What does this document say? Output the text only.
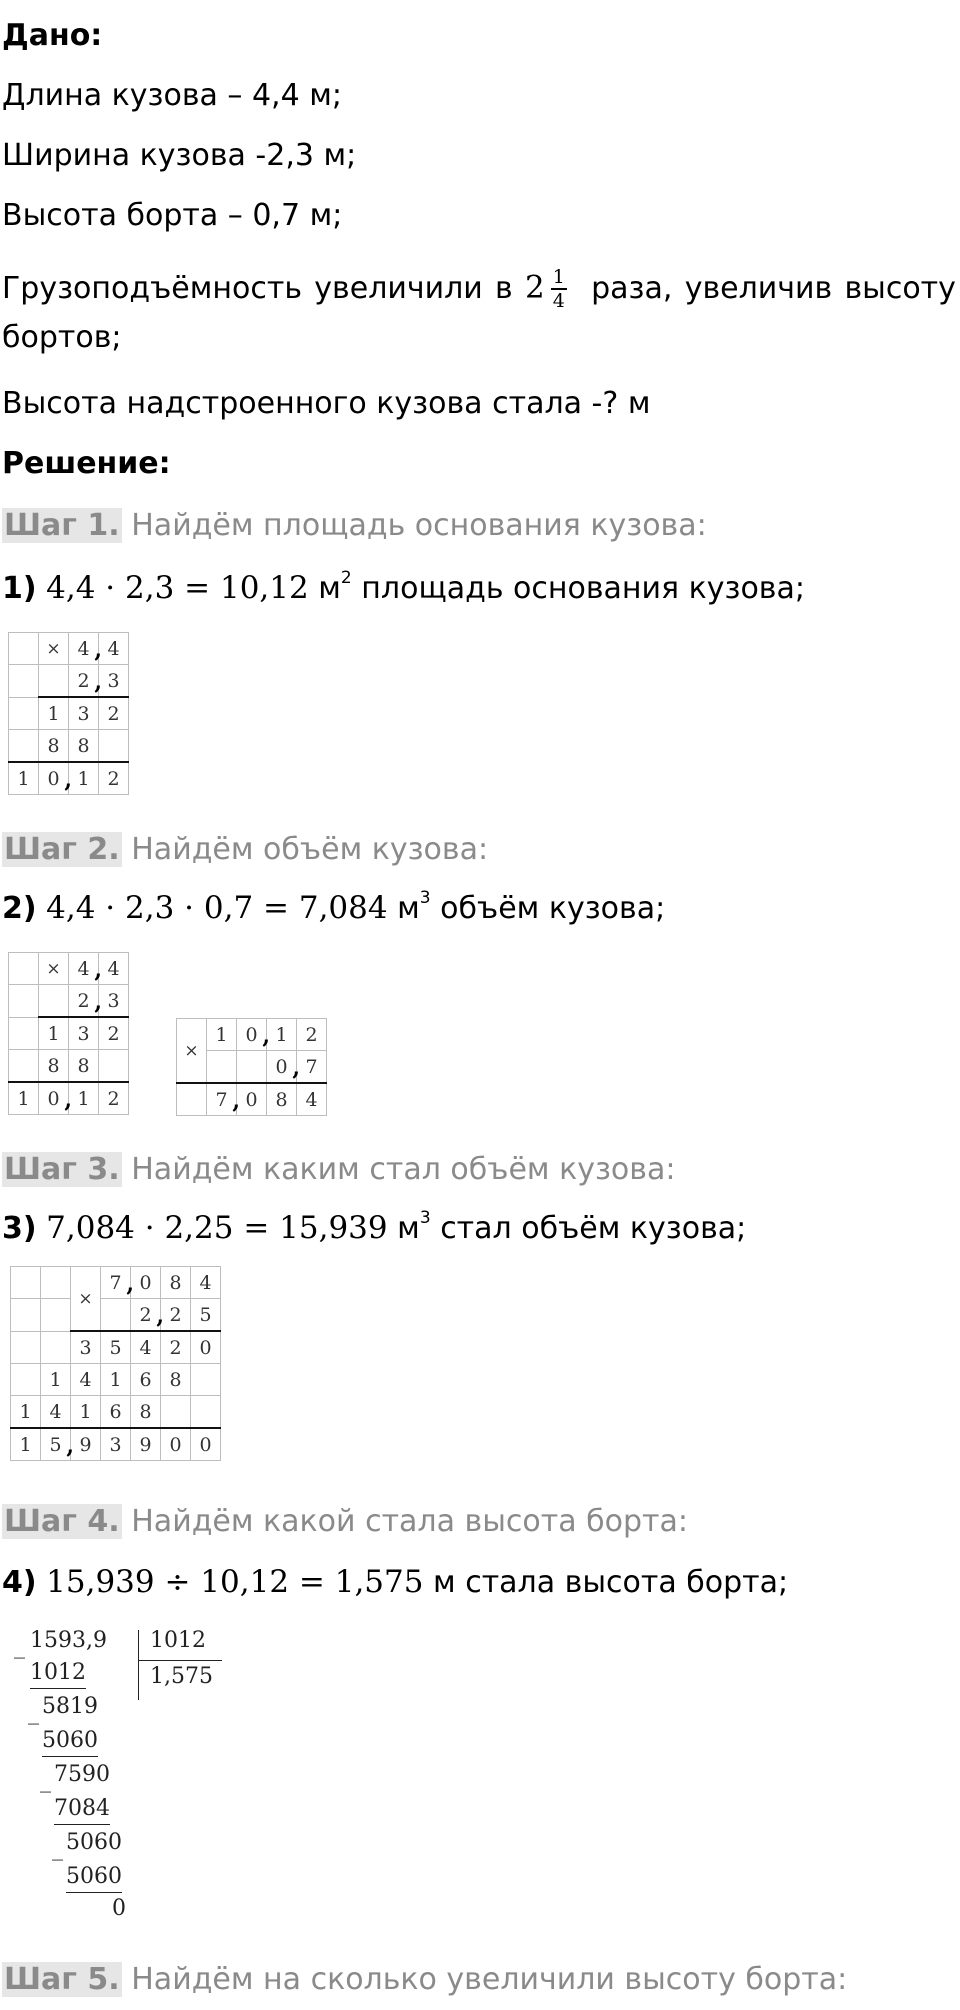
Дано:
Длина кузова – 4,4 м;
Ширина кузова -2,3 м;
Высота борта – 0,7 м;
Грузоподъёмность увеличили в $2 \frac{1}{4}$ раза, увеличив высоту
бортов;
Высота надстроенного кузова стала -? м
Решение:
Шаг 1. Найдём площадь основания кузова:
1) 4,4 · 2,3 = 10,12 $м^2$ площадь основания кузова;
	×	4 ,	4
		2 ,	3
	1	3	2
	8	8	
1	0 ,	1	2
Шаг 2. Найдём объём кузова:
2) 4,4 · 2,3 · 0,7 = 7,084 $м^3$ объём кузова;
	×	4 ,	4
		2 ,	3
	1	3	2
	8	8	
1	0 ,	1	2
×	1	0 ,	1	2
			0 ,	7
	7 ,	0	8	4
Шаг 3. Найдём каким стал объём кузова:
3) 7,084 · 2,25 = 15,939 $м^3$ стал объём кузова;
		×	7 ,	0	8	4
				2 ,	2	5
		3	5	4	2	0
	1	4	1	6	8	
1	4	1	6	8		
1	5 ,	9	3	9	0	0
Шаг 4. Найдём какой стала высота борта:
4) 15,939 ÷ 10,12 = 1,575 м стала высота борта;
_ 1593,9
1012
1012
1,575
_ 5819
5060
_ 7590
7084
_ 5060
5060
0
Шаг 5. Найдём на сколько увеличили высоту борта:
